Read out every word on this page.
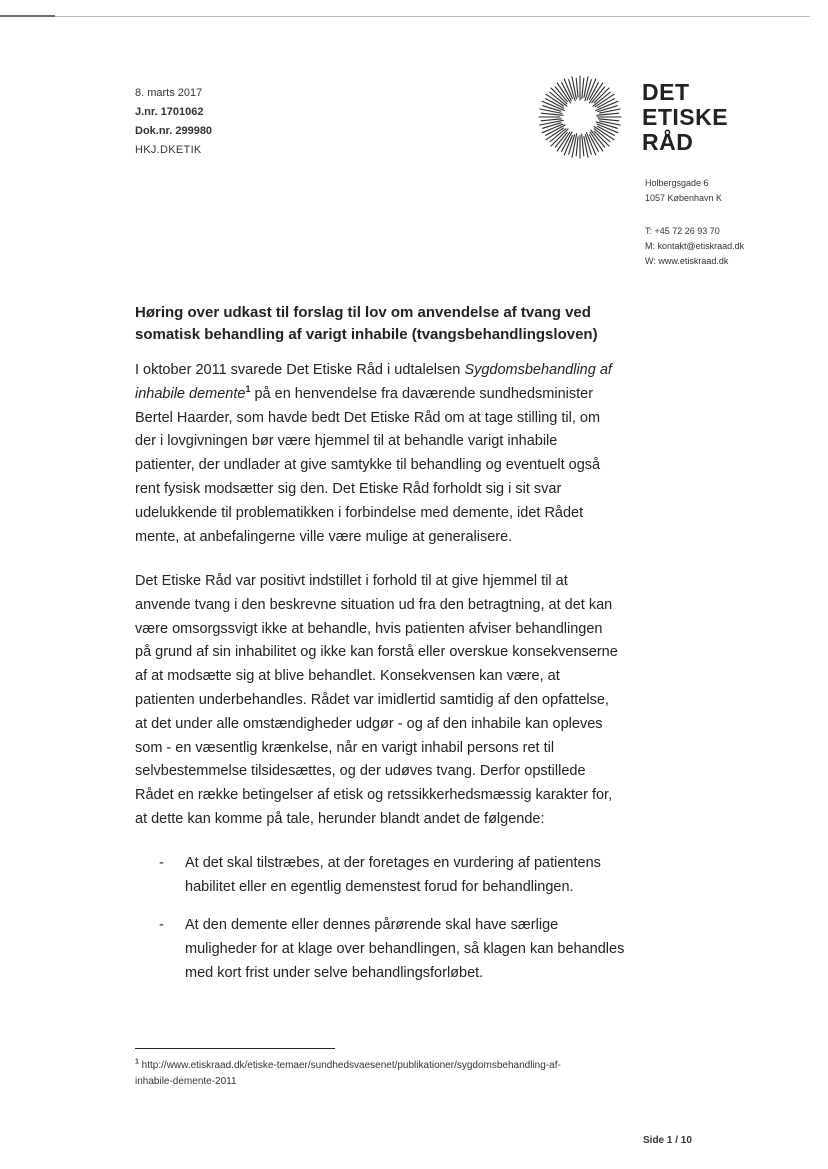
8. marts 2017
J.nr. 1701062
Dok.nr. 299980
HKJ.DKETIK
DET
ETISKE
RÅD
Holbergsgade 6
1057 København K
T: +45 72 26 93 70
M: kontakt@etiskraad.dk
W: www.etiskraad.dk
Høring over udkast til forslag til lov om anvendelse af tvang ved
somatisk behandling af varigt inhabile (tvangsbehandlingsloven)
I oktober 2011 svarede Det Etiske Råd i udtalelsen Sygdomsbehandling af
inhabile demente$^1$ på en henvendelse fra daværende sundhedsminister
Bertel Haarder, som havde bedt Det Etiske Råd om at tage stilling til, om
der i lovgivningen bør være hjemmel til at behandle varigt inhabile
patienter, der undlader at give samtykke til behandling og eventuelt også
rent fysisk modsætter sig den. Det Etiske Råd forholdt sig i sit svar
udelukkende til problematikken i forbindelse med demente, idet Rådet
mente, at anbefalingerne ville være mulige at generalisere.
Det Etiske Råd var positivt indstillet i forhold til at give hjemmel til at
anvende tvang i den beskrevne situation ud fra den betragtning, at det kan
være omsorgssvigt ikke at behandle, hvis patienten afviser behandlingen
på grund af sin inhabilitet og ikke kan forstå eller overskue konsekvenserne
af at modsætte sig at blive behandlet. Konsekvensen kan være, at
patienten underbehandles. Rådet var imidlertid samtidig af den opfattelse,
at det under alle omstændigheder udgør - og af den inhabile kan opleves
som - en væsentlig krænkelse, når en varigt inhabil persons ret til
selvbestemmelse tilsidesættes, og der udøves tvang. Derfor opstillede
Rådet en række betingelser af etisk og retssikkerhedsmæssig karakter for,
at dette kan komme på tale, herunder blandt andet de følgende:
- At det skal tilstræbes, at der foretages en vurdering af patientens
habilitet eller en egentlig demenstest forud for behandlingen.
- At den demente eller dennes pårørende skal have særlige
muligheder for at klage over behandlingen, så klagen kan behandles
med kort frist under selve behandlingsforløbet.
$^1$ http://www.etiskraad.dk/etiske-temaer/sundhedsvaesenet/publikationer/sygdomsbehandling-af-
inhabile-demente-2011
Side 1 / 10
